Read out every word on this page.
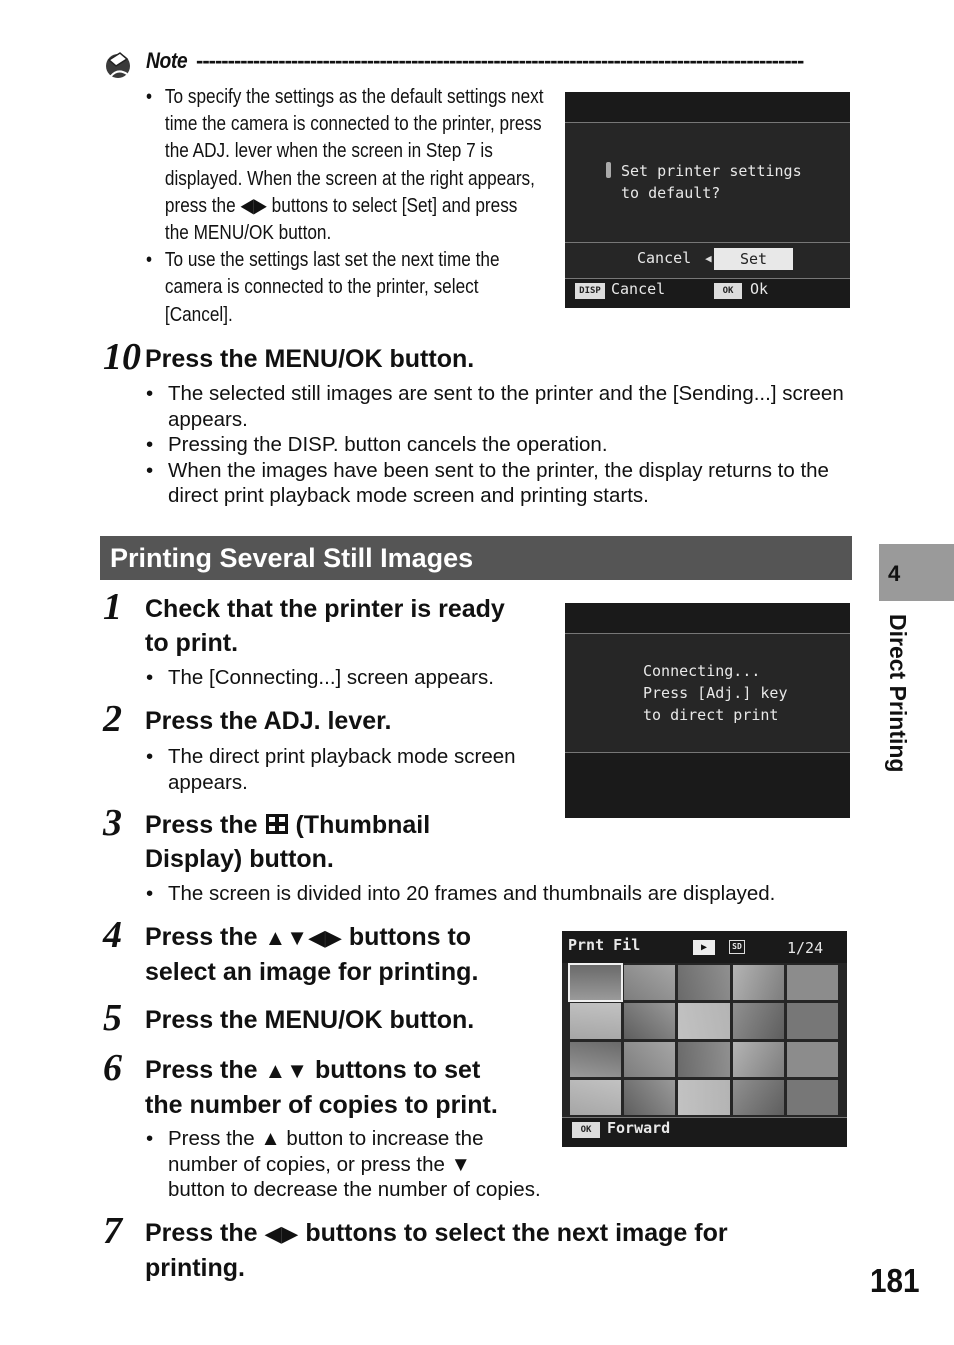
Note ------------------------------------------------------------------------------------------------
• To specify the settings as the default settings next time the camera is connected to the printer, press the ADJ. lever when the screen in Step 7 is displayed. When the screen at the right appears, press the ◀▶ buttons to select [Set] and press the MENU/OK button.
• To use the settings last set the next time the camera is connected to the printer, select [Cancel].
Set printer settings
to default?
Cancel ◀	Set
DISP Cancel	OK	Ok
10 Press the MENU/OK button.
• The selected still images are sent to the printer and the [Sending...] screen appears.
• Pressing the DISP. button cancels the operation.
• When the images have been sent to the printer, the display returns to the direct print playback mode screen and printing starts.
Printing Several Still Images
Connecting...
Press [Adj.] key
to direct print
1 Check that the printer is ready
to print.
• The [Connecting...] screen appears.
2 Press the ADJ. lever.
• The direct print playback mode screen
appears.
3 Press the (Thumbnail
Display) button.
• The screen is divided into 20 frames and thumbnails are displayed.
Prnt Fil	▶	SD	1/24
OK	Forward
4 Press the ▲▼◀▶ buttons to
select an image for printing.
5 Press the MENU/OK button.
6 Press the ▲▼ buttons to set
the number of copies to print.
• Press the ▲ button to increase the
number of copies, or press the ▼
button to decrease the number of copies.
7 Press the ◀▶ buttons to select the next image for
printing.
4
Direct Printing
181
